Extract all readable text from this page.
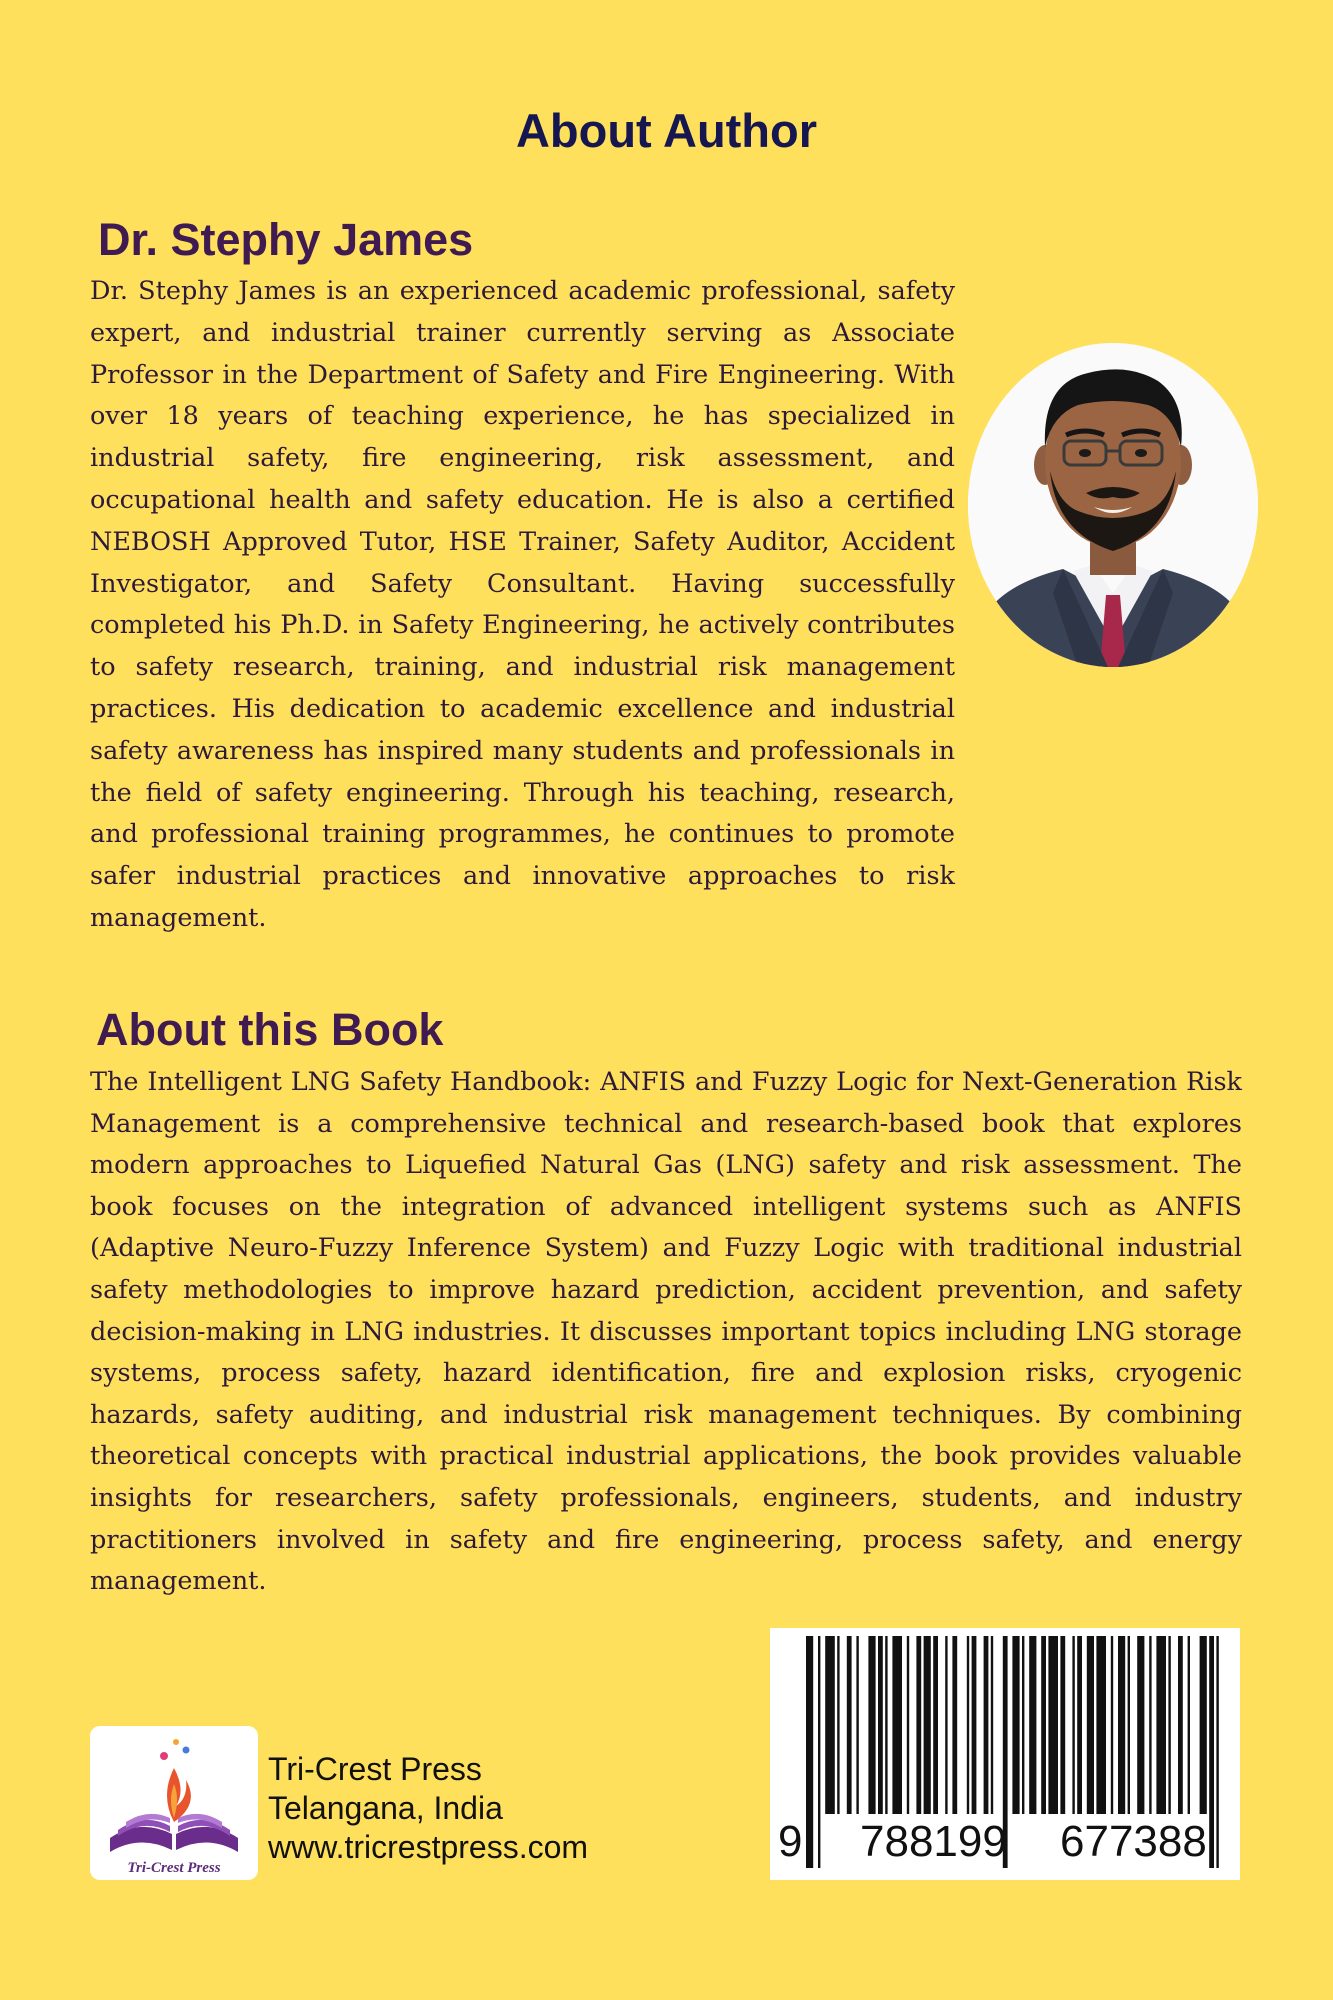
About Author
Dr. Stephy James

Dr. Stephy James is an experienced academic professional, safety expert, and industrial trainer currently serving as Associate Professor in the Department of Safety and Fire Engineering. With over 18 years of teaching experience, he has specialized in industrial safety, fire engineering, risk assessment, and occupational health and safety education. He is also a certified NEBOSH Approved Tutor, HSE Trainer, Safety Auditor, Accident Investigator, and Safety Consultant. Having successfully completed his Ph.D. in Safety Engineering, he actively contributes to safety research, training, and industrial risk management practices. His dedication to academic excellence and industrial safety awareness has inspired many students and professionals in the field of safety engineering. Through his teaching, research, and professional training programmes, he continues to promote safer industrial practices and innovative approaches to risk management.

About this Book

The Intelligent LNG Safety Handbook: ANFIS and Fuzzy Logic for Next-Generation Risk Management is a comprehensive technical and research-based book that explores modern approaches to Liquefied Natural Gas (LNG) safety and risk assessment. The book focuses on the integration of advanced intelligent systems such as ANFIS (Adaptive Neuro-Fuzzy Inference System) and Fuzzy Logic with traditional industrial safety methodologies to improve hazard prediction, accident prevention, and safety decision-making in LNG industries. It discusses important topics including LNG storage systems, process safety, hazard identification, fire and explosion risks, cryogenic hazards, safety auditing, and industrial risk management techniques. By combining theoretical concepts with practical industrial applications, the book provides valuable insights for researchers, safety professionals, engineers, students, and industry practitioners involved in safety and fire engineering, process safety, and energy management.

Tri-Crest Press
Tri-Crest Press
Telangana, India
www.tricrestpress.com	9 788199 677388
